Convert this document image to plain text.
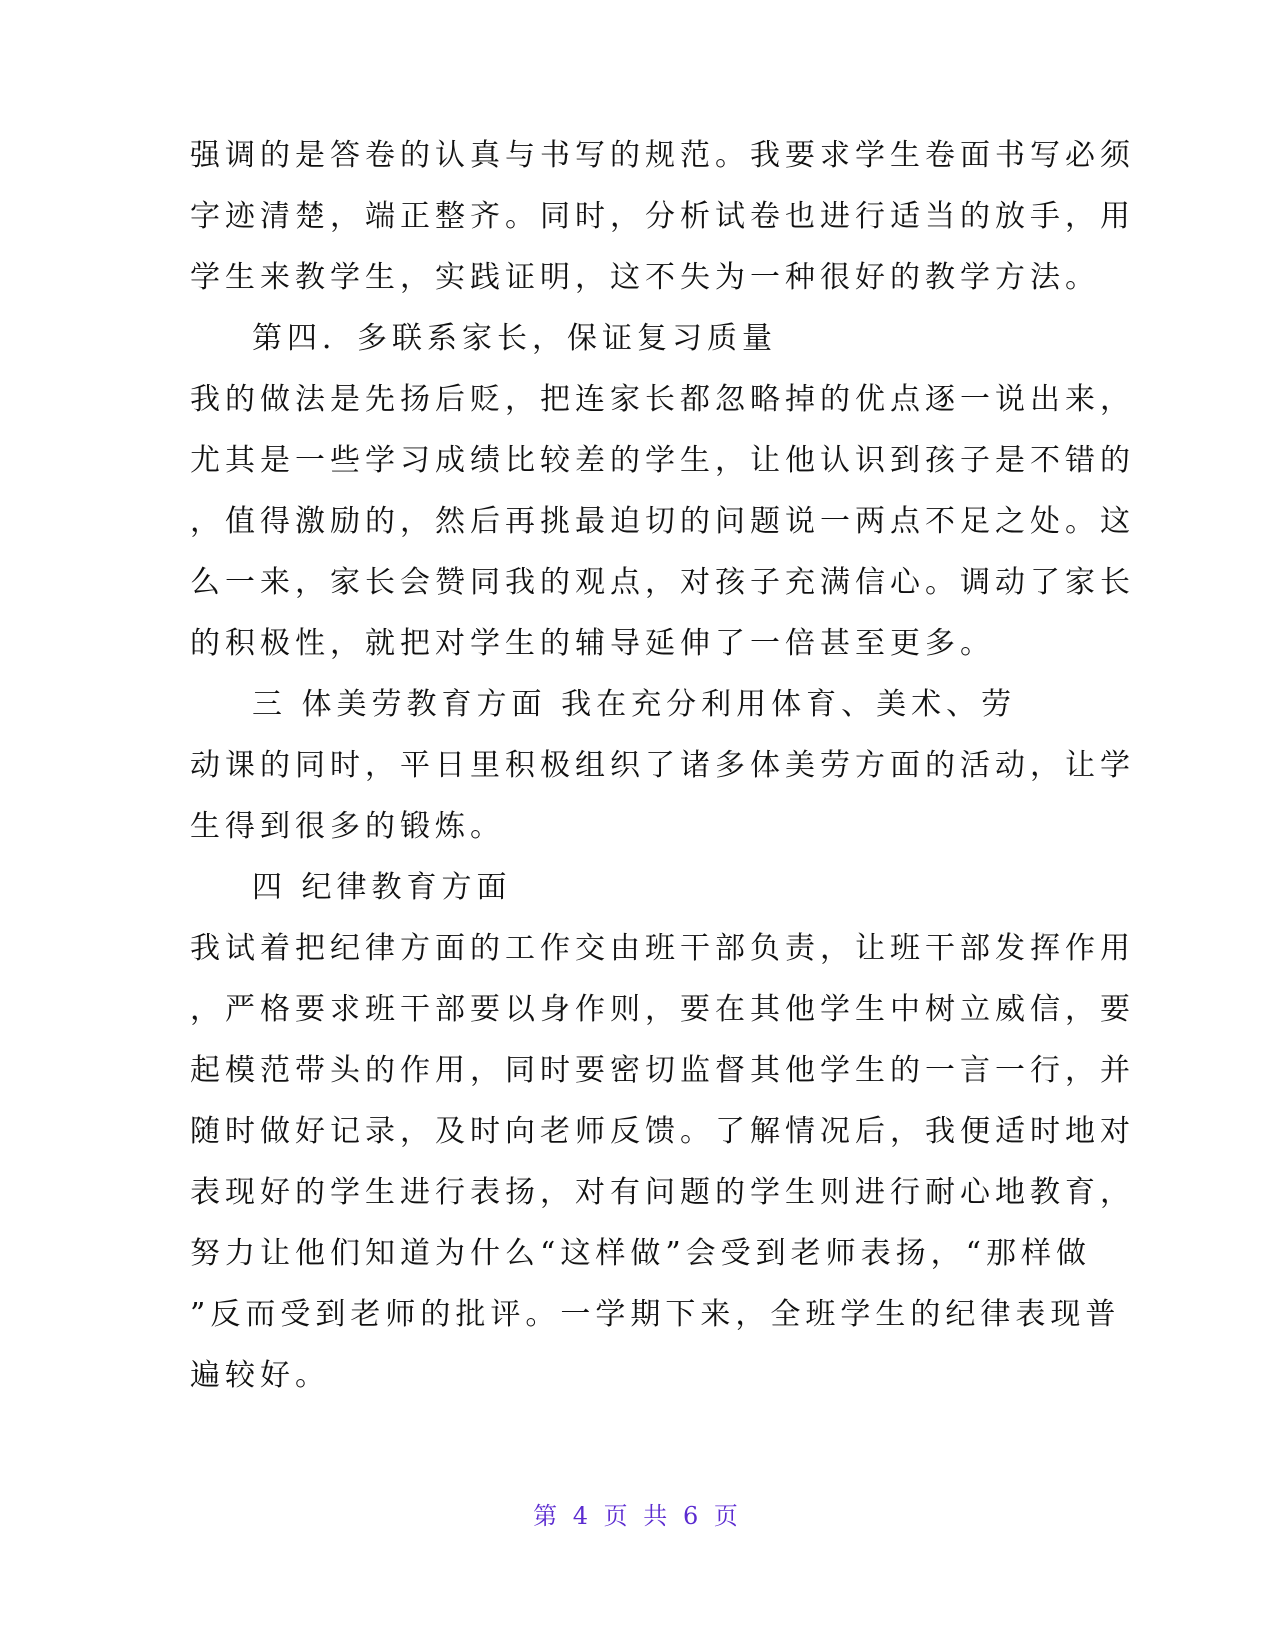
强调的是答卷的认真与书写的规范。我要求学生卷面书写必须
字迹清楚，端正整齐。同时，分析试卷也进行适当的放手，用
学生来教学生，实践证明，这不失为一种很好的教学方法。
第四．多联系家长，保证复习质量
我的做法是先扬后贬，把连家长都忽略掉的优点逐一说出来，
尤其是一些学习成绩比较差的学生，让他认识到孩子是不错的
，值得激励的，然后再挑最迫切的问题说一两点不足之处。这
么一来，家长会赞同我的观点，对孩子充满信心。调动了家长
的积极性，就把对学生的辅导延伸了一倍甚至更多。
三 体美劳教育方面 我在充分利用体育、美术、劳
动课的同时，平日里积极组织了诸多体美劳方面的活动，让学
生得到很多的锻炼。
四 纪律教育方面
我试着把纪律方面的工作交由班干部负责，让班干部发挥作用
，严格要求班干部要以身作则，要在其他学生中树立威信，要
起模范带头的作用，同时要密切监督其他学生的一言一行，并
随时做好记录，及时向老师反馈。了解情况后，我便适时地对
表现好的学生进行表扬，对有问题的学生则进行耐心地教育，
努力让他们知道为什么“这样做”会受到老师表扬，“那样做
”反而受到老师的批评。一学期下来，全班学生的纪律表现普
遍较好。
第 4 页 共 6 页
